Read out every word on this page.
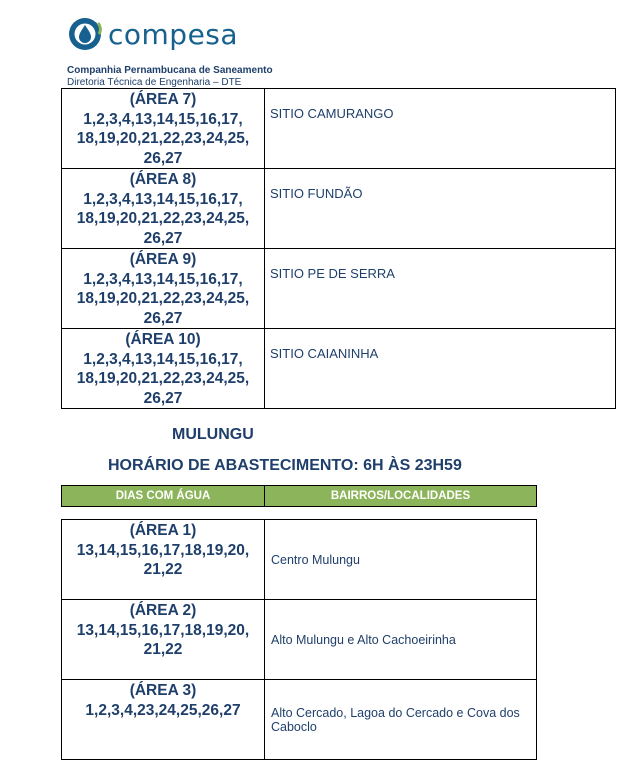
compesa
Companhia Pernambucana de Saneamento
Diretoria Técnica de Engenharia – DTE
(ÁREA 7)
1,2,3,4,13,14,15,16,17,
18,19,20,21,22,23,24,25,
26,27	SITIO CAMURANGO

(ÁREA 8)
1,2,3,4,13,14,15,16,17,
18,19,20,21,22,23,24,25,
26,27	SITIO FUNDÃO

(ÁREA 9)
1,2,3,4,13,14,15,16,17,
18,19,20,21,22,23,24,25,
26,27	SITIO PE DE SERRA

(ÁREA 10)
1,2,3,4,13,14,15,16,17,
18,19,20,21,22,23,24,25,
26,27	SITIO CAIANINHA
MULUNGU
HORÁRIO DE ABASTECIMENTO: 6H ÀS 23H59
DIAS COM ÁGUA	BAIRROS/LOCALIDADES
(ÁREA 1)
13,14,15,16,17,18,19,20,
21,22	Centro Mulungu

(ÁREA 2)
13,14,15,16,17,18,19,20,
21,22	Alto Mulungu e Alto Cachoeirinha

(ÁREA 3)
1,2,3,4,23,24,25,26,27	Alto Cercado, Lagoa do Cercado e Cova dos Caboclo
